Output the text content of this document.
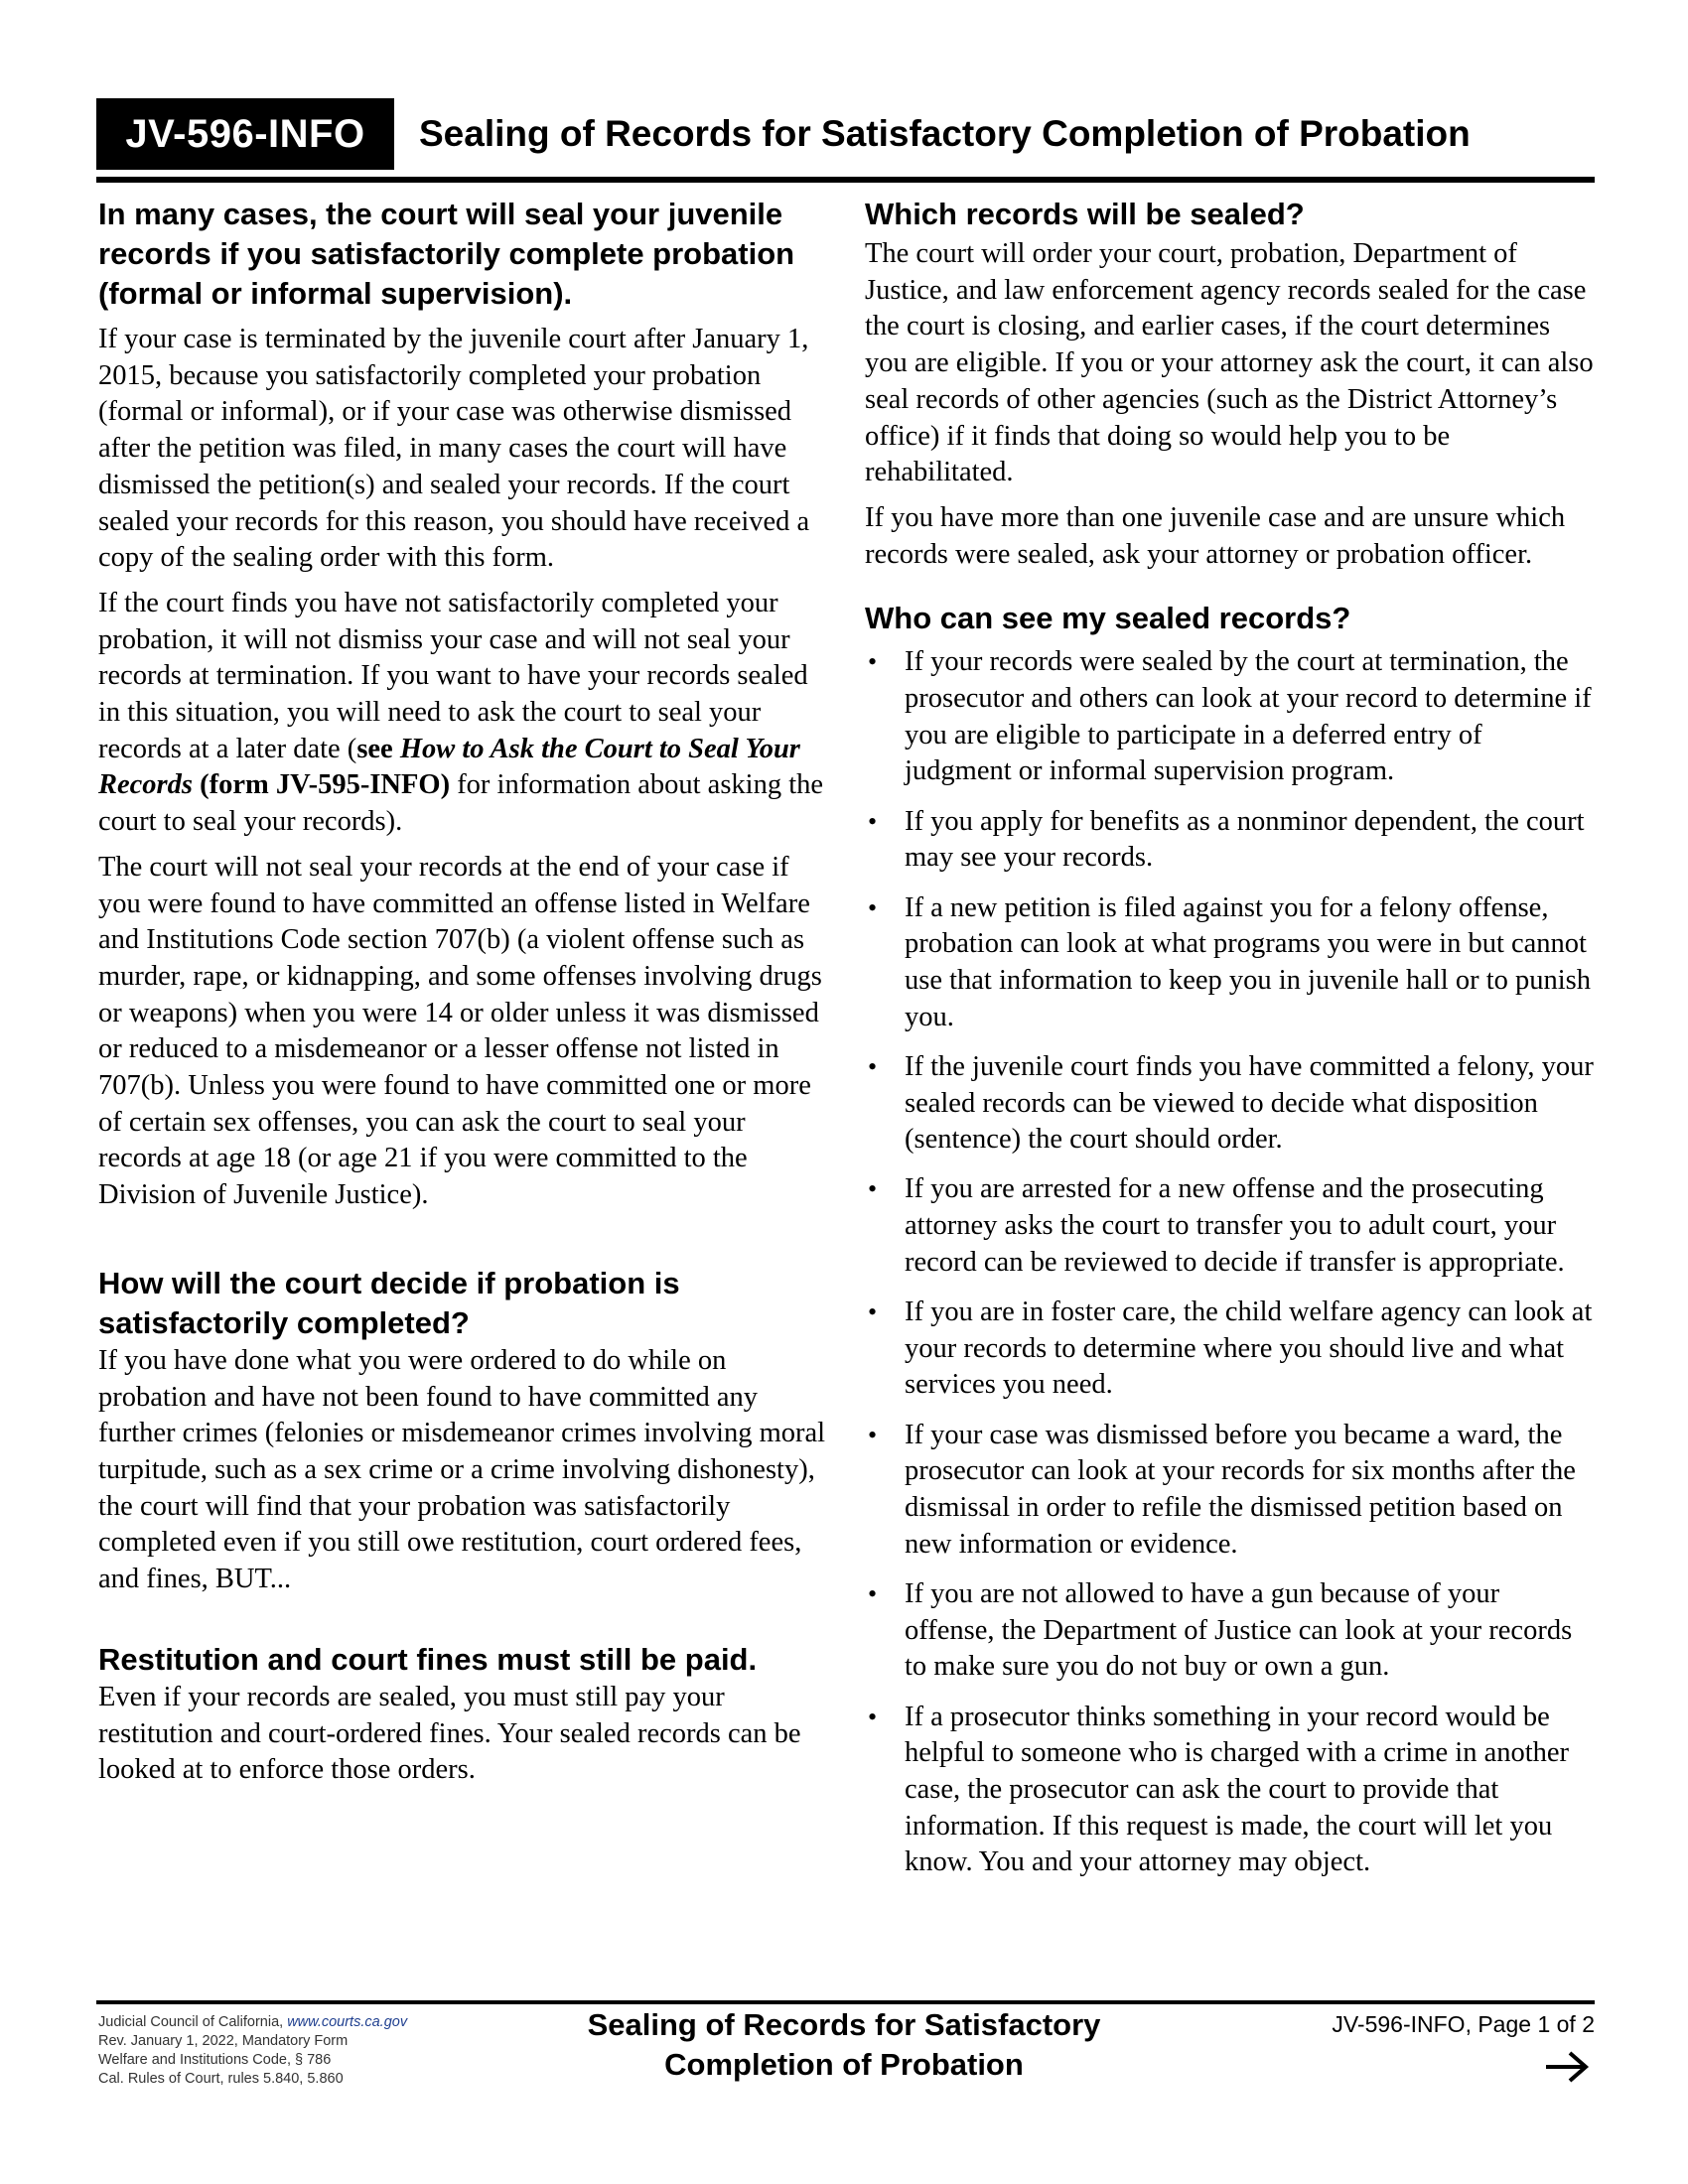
JV-596-INFO	Sealing of Records for Satisfactory Completion of Probation
In many cases, the court will seal your juvenile records if you satisfactorily complete probation (formal or informal supervision).

If your case is terminated by the juvenile court after January 1, 2015, because you satisfactorily completed your probation (formal or informal), or if your case was otherwise dismissed after the petition was filed, in many cases the court will have dismissed the petition(s) and sealed your records. If the court sealed your records for this reason, you should have received a copy of the sealing order with this form.

If the court finds you have not satisfactorily completed your probation, it will not dismiss your case and will not seal your records at termination. If you want to have your records sealed in this situation, you will need to ask the court to seal your records at a later date (see How to Ask the Court to Seal Your Records (form JV-595-INFO) for information about asking the court to seal your records).

The court will not seal your records at the end of your case if you were found to have committed an offense listed in Welfare and Institutions Code section 707(b) (a violent offense such as murder, rape, or kidnapping, and some offenses involving drugs or weapons) when you were 14 or older unless it was dismissed or reduced to a misdemeanor or a lesser offense not listed in 707(b). Unless you were found to have committed one or more of certain sex offenses, you can ask the court to seal your records at age 18 (or age 21 if you were committed to the Division of Juvenile Justice).

How will the court decide if probation is satisfactorily completed?

If you have done what you were ordered to do while on probation and have not been found to have committed any further crimes (felonies or misdemeanor crimes involving moral turpitude, such as a sex crime or a crime involving dishonesty), the court will find that your probation was satisfactorily completed even if you still owe restitution, court ordered fees, and fines, BUT...

Restitution and court fines must still be paid.

Even if your records are sealed, you must still pay your restitution and court-ordered fines. Your sealed records can be looked at to enforce those orders.

Which records will be sealed?

The court will order your court, probation, Department of Justice, and law enforcement agency records sealed for the case the court is closing, and earlier cases, if the court determines you are eligible. If you or your attorney ask the court, it can also seal records of other agencies (such as the District Attorney’s office) if it finds that doing so would help you to be rehabilitated.

If you have more than one juvenile case and are unsure which records were sealed, ask your attorney or probation officer.

Who can see my sealed records?
• If your records were sealed by the court at termination, the prosecutor and others can look at your record to determine if you are eligible to participate in a deferred entry of judgment or informal supervision program.
• If you apply for benefits as a nonminor dependent, the court may see your records.
• If a new petition is filed against you for a felony offense, probation can look at what programs you were in but cannot use that information to keep you in juvenile hall or to punish you.
• If the juvenile court finds you have committed a felony, your sealed records can be viewed to decide what disposition (sentence) the court should order.
• If you are arrested for a new offense and the prosecuting attorney asks the court to transfer you to adult court, your record can be reviewed to decide if transfer is appropriate.
• If you are in foster care, the child welfare agency can look at your records to determine where you should live and what services you need.
• If your case was dismissed before you became a ward, the prosecutor can look at your records for six months after the dismissal in order to refile the dismissed petition based on new information or evidence.
• If you are not allowed to have a gun because of your offense, the Department of Justice can look at your records to make sure you do not buy or own a gun.
• If a prosecutor thinks something in your record would be helpful to someone who is charged with a crime in another case, the prosecutor can ask the court to provide that information. If this request is made, the court will let you know. You and your attorney may object.
Judicial Council of California, www.courts.ca.gov
Rev. January 1, 2022, Mandatory Form
Welfare and Institutions Code, § 786
Cal. Rules of Court, rules 5.840, 5.860
Sealing of Records for Satisfactory
Completion of Probation
JV-596-INFO, Page 1 of 2
